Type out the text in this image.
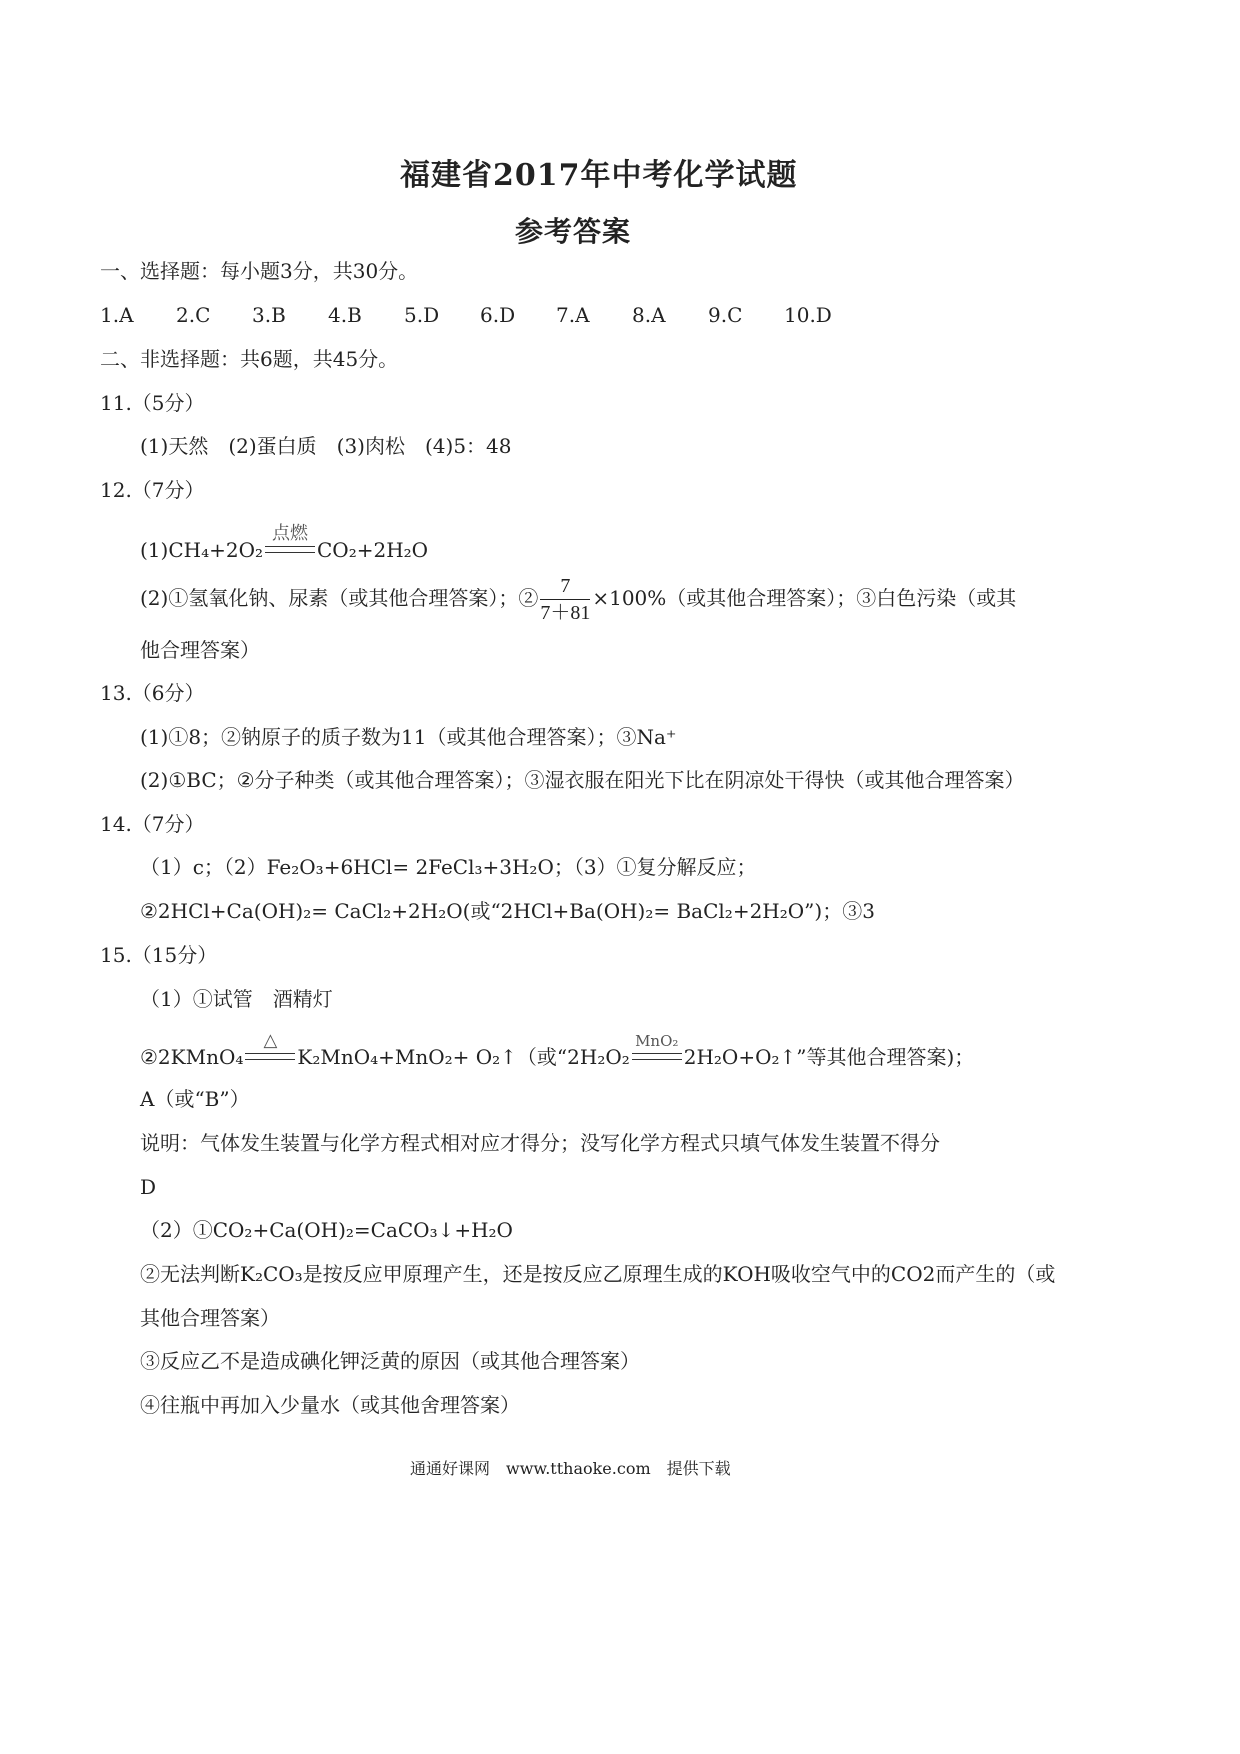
福建省2017年中考化学试题
参考答案
一、选择题：每小题3分，共30分。
1.A 2.C 3.B 4.B 5.D 6.D 7.A 8.A 9.C 10.D
二、非选择题：共6题，共45分。
11.（5分）
(1)天然　(2)蛋白质　(3)肉松　(4)5：48
12.（7分）
(1)CH₄+2O₂
点燃
CO₂+2H₂O
(2)①氢氧化钠、尿素（或其他合理答案）；② $\frac{7}{7+81} \times 100\%$（或其他合理答案）；③白色污染（或其
他合理答案）
13.（6分）
(1)①8；②钠原子的质子数为11（或其他合理答案）；③Na⁺
(2)①BC；②分子种类（或其他合理答案）；③湿衣服在阳光下比在阴凉处干得快（或其他合理答案）
14.（7分）
（1）c；（2）Fe₂O₃+6HCl= 2FeCl₃+3H₂O；（3）①复分解反应；
②2HCl+Ca(OH)₂= CaCl₂+2H₂O(或“2HCl+Ba(OH)₂= BaCl₂+2H₂O”)；③3
15.（15分）
（1）①试管　酒精灯
②2KMnO₄
△
K₂MnO₄+MnO₂+ O₂↑（或“2H₂O₂
MnO₂
2H₂O+O₂↑”等其他合理答案)；
A（或“B”）
说明：气体发生装置与化学方程式相对应才得分；没写化学方程式只填气体发生装置不得分
D
（2）①CO₂+Ca(OH)₂=CaCO₃↓+H₂O
②无法判断K₂CO₃是按反应甲原理产生，还是按反应乙原理生成的KOH吸收空气中的CO2而产生的（或
其他合理答案）
③反应乙不是造成碘化钾泛黄的原因（或其他合理答案）
④往瓶中再加入少量水（或其他舍理答案）
通通好课网　www.tthaoke.com　提供下载
